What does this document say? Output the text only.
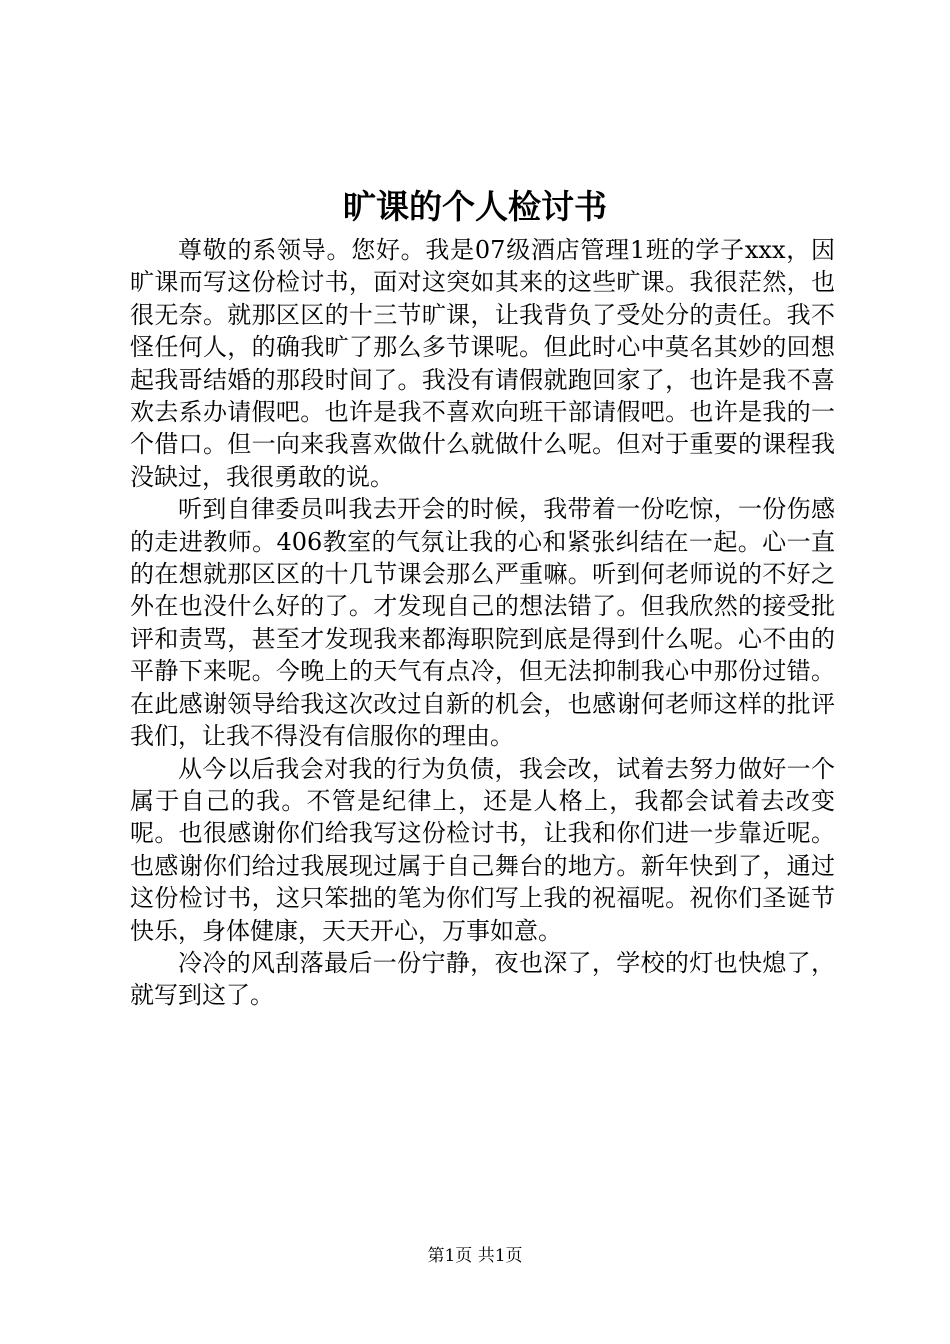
旷课的个人检讨书

尊敬的系领导。您好。我是07级酒店管理1班的学子xxx，因旷课而写这份检讨书，面对这突如其来的这些旷课。我很茫然，也很无奈。就那区区的十三节旷课，让我背负了受处分的责任。我不怪任何人，的确我旷了那么多节课呢。但此时心中莫名其妙的回想起我哥结婚的那段时间了。我没有请假就跑回家了，也许是我不喜欢去系办请假吧。也许是我不喜欢向班干部请假吧。也许是我的一个借口。但一向来我喜欢做什么就做什么呢。但对于重要的课程我没缺过，我很勇敢的说。

听到自律委员叫我去开会的时候，我带着一份吃惊，一份伤感的走进教师。406教室的气氛让我的心和紧张纠结在一起。心一直的在想就那区区的十几节课会那么严重嘛。听到何老师说的不好之外在也没什么好的了。才发现自己的想法错了。但我欣然的接受批评和责骂，甚至才发现我来都海职院到底是得到什么呢。心不由的平静下来呢。今晚上的天气有点冷，但无法抑制我心中那份过错。在此感谢领导给我这次改过自新的机会，也感谢何老师这样的批评我们，让我不得没有信服你的理由。

从今以后我会对我的行为负债，我会改，试着去努力做好一个属于自己的我。不管是纪律上，还是人格上，我都会试着去改变呢。也很感谢你们给我写这份检讨书，让我和你们进一步靠近呢。也感谢你们给过我展现过属于自己舞台的地方。新年快到了，通过这份检讨书，这只笨拙的笔为你们写上我的祝福呢。祝你们圣诞节快乐，身体健康，天天开心，万事如意。

冷冷的风刮落最后一份宁静，夜也深了，学校的灯也快熄了，就写到这了。

第1页 共1页
